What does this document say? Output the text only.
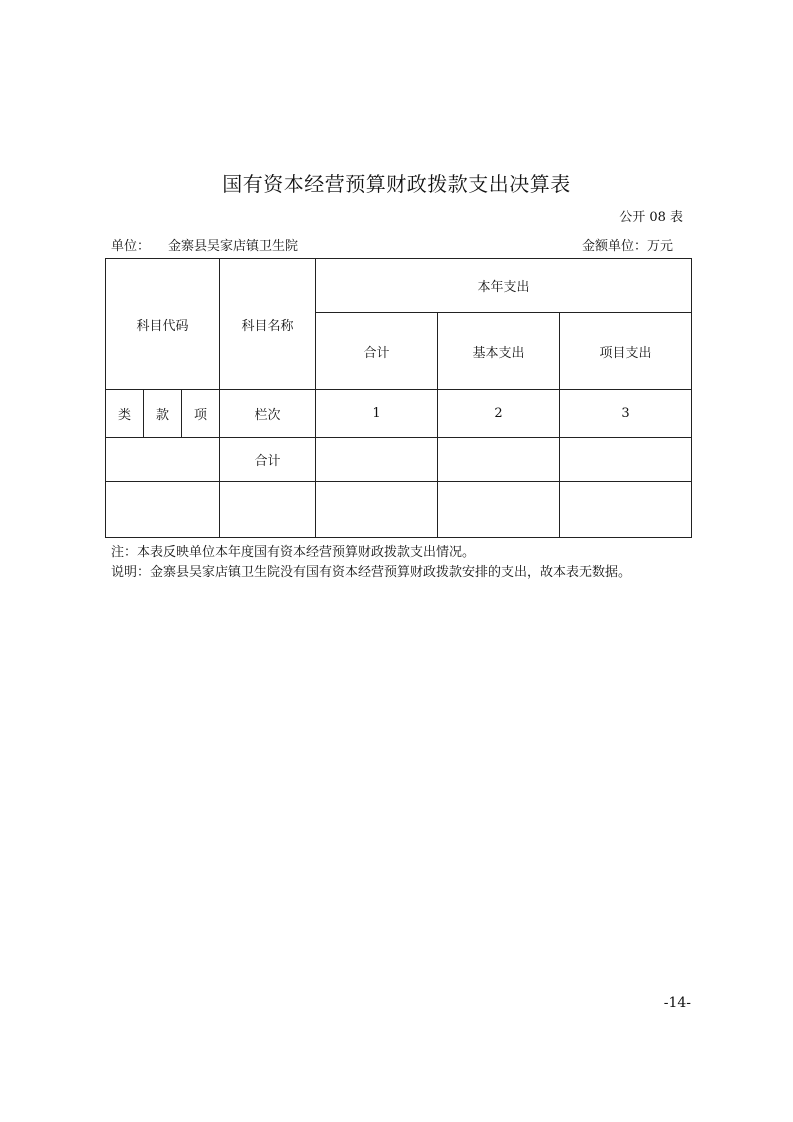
国有资本经营预算财政拨款支出决算表
公开 08 表
单位： 金寨县吴家店镇卫生院	金额单位：万元
科目代码			科目名称	本年支出		
				合计	基本支出	项目支出
类	款	项	栏次	1	2	3
			合计			

注：本表反映单位本年度国有资本经营预算财政拨款支出情况。
说明：金寨县吴家店镇卫生院没有国有资本经营预算财政拨款安排的支出，故本表无数据。
-14-
